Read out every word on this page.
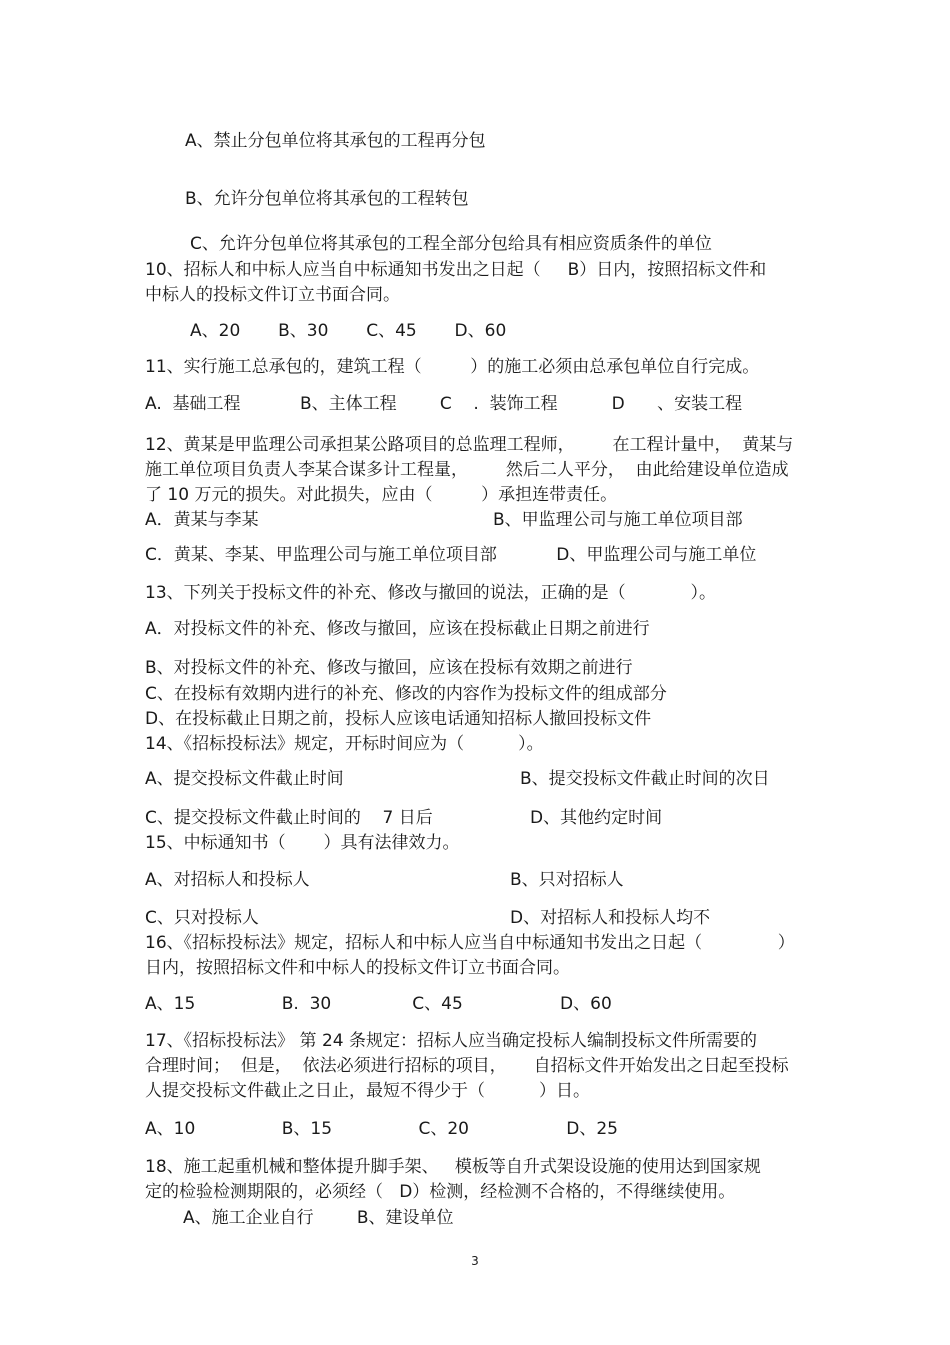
A、禁止分包单位将其承包的工程再分包
B、允许分包单位将其承包的工程转包
C、允许分包单位将其承包的工程全部分包给具有相应资质条件的单位
10、招标人和中标人应当自中标通知书发出之日起（     B）日内，按照招标文件和
中标人的投标文件订立书面合同。
A、20       B、30       C、45       D、60
11、实行施工总承包的，建筑工程（         ）的施工必须由总承包单位自行完成。
A.  基础工程           B、主体工程        C    .  装饰工程          D      、安装工程
12、黄某是甲监理公司承担某公路项目的总监理工程师，       在工程计量中，  黄某与
施工单位项目负责人李某合谋多计工程量，       然后二人平分，  由此给建设单位造成
了 10 万元的损失。对此损失，应由（         ）承担连带责任。
A．黄某与李某	B、甲监理公司与施工单位项目部
C．黄某、李某、甲监理公司与施工单位项目部           D、甲监理公司与施工单位
13、下列关于投标文件的补充、修改与撤回的说法，正确的是（            ）。
A．对投标文件的补充、修改与撤回，应该在投标截止日期之前进行
B、对投标文件的补充、修改与撤回，应该在投标有效期之前进行
C、在投标有效期内进行的补充、修改的内容作为投标文件的组成部分
D、在投标截止日期之前，投标人应该电话通知招标人撤回投标文件
14、《招标投标法》规定，开标时间应为（          ）。
A、提交投标文件截止时间	B、提交投标文件截止时间的次日
C、提交投标文件截止时间的    7 日后	D、其他约定时间
15、中标通知书（       ）具有法律效力。
A、对招标人和投标人	B、只对招标人
C、只对投标人	D、对招标人和投标人均不
16、《招标投标法》规定，招标人和中标人应当自中标通知书发出之日起（              ）
日内，按照招标文件和中标人的投标文件订立书面合同。
A、15                B.  30               C、45                  D、60
17、《招标投标法》 第 24 条规定：招标人应当确定投标人编制投标文件所需要的
合理时间；  但是，  依法必须进行招标的项目，     自招标文件开始发出之日起至投标
人提交投标文件截止之日止，最短不得少于（          ）日。
A、10                B、15                C、20                  D、25
18、施工起重机械和整体提升脚手架、   模板等自升式架设设施的使用达到国家规
定的检验检测期限的，必须经（   D）检测，经检测不合格的，不得继续使用。
A、施工企业自行        B、建设单位
3
